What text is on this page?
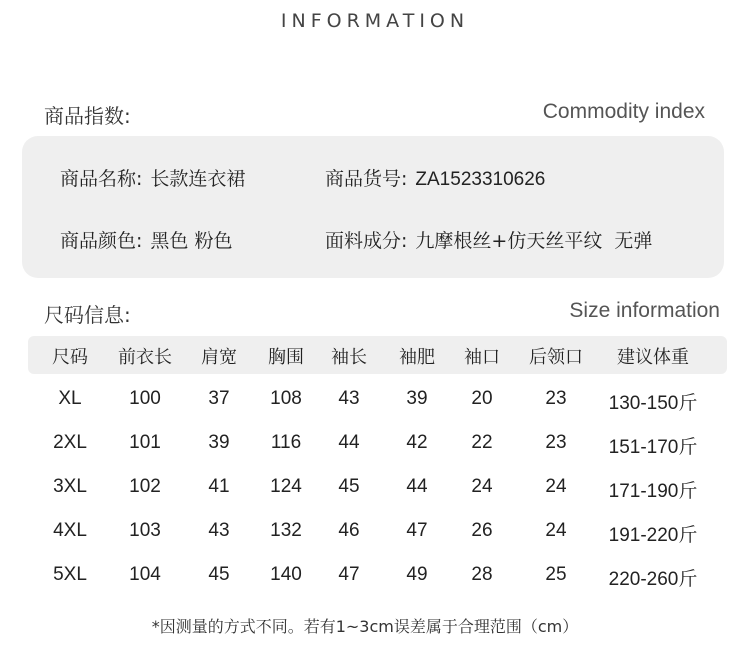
INFORMATION
商品指数:	Commodity index
商品名称: 长款连衣裙	商品货号: ZA1523310626
商品颜色: 黑色 粉色	面料成分: 九摩根丝+仿天丝平纹  无弹
尺码信息:	Size information
尺码 前衣长 肩宽 胸围 袖长 袖肥 袖口 后领口 建议体重
XL	100	37 108 43 39 20	23 130-150斤
2XL 101	39 116 44 42 22	23 151-170斤
3XL 102	41 124 45 44 24	24 171-190斤
4XL 103	43 132 46 47 26	24 191-220斤
5XL 104	45 140 47 49 28	25 220-260斤
*因测量的方式不同。若有1~3cm误差属于合理范围（cm）
